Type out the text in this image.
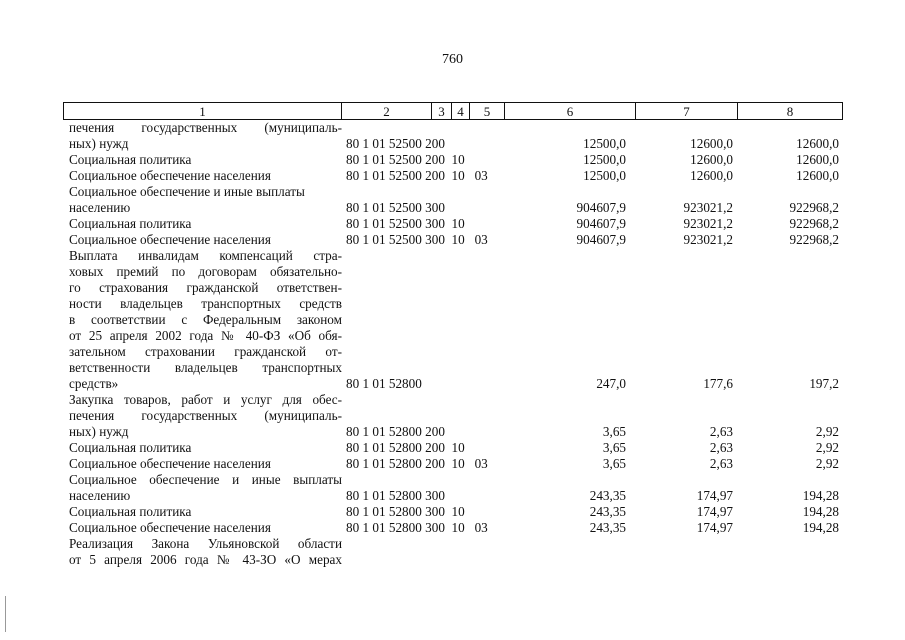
760
1	2	3 4	5	6	7	8
печения государственных (муниципаль-
ных) нужд	80 1 01 52500 200	12500,0	12600,0	12600,0
Социальная политика	80 1 01 52500 200  10	12500,0	12600,0	12600,0
Социальное обеспечение населения	80 1 01 52500 200  10   03	12500,0	12600,0	12600,0
Социальное обеспечение и иные выплаты
населению	80 1 01 52500 300	904607,9	923021,2	922968,2
Социальная политика	80 1 01 52500 300  10	904607,9	923021,2	922968,2
Социальное обеспечение населения	80 1 01 52500 300  10   03	904607,9	923021,2	922968,2
Выплата инвалидам компенсаций стра-
ховых премий по договорам обязательно-
го страхования гражданской ответствен-
ности владельцев транспортных средств
в соответствии с Федеральным законом
от 25 апреля 2002 года № 40-ФЗ «Об обя-
зательном страховании гражданской от-
ветственности владельцев транспортных
средств»	80 1 01 52800	247,0	177,6	197,2
Закупка товаров, работ и услуг для обес-
печения государственных (муниципаль-
ных) нужд	80 1 01 52800 200	3,65	2,63	2,92
Социальная политика	80 1 01 52800 200  10	3,65	2,63	2,92
Социальное обеспечение населения	80 1 01 52800 200  10   03	3,65	2,63	2,92
Социальное обеспечение и иные выплаты
населению	80 1 01 52800 300	243,35	174,97	194,28
Социальная политика	80 1 01 52800 300  10	243,35	174,97	194,28
Социальное обеспечение населения	80 1 01 52800 300  10   03	243,35	174,97	194,28
Реализация Закона Ульяновской области
от 5 апреля 2006 года № 43-ЗО «О мерах
